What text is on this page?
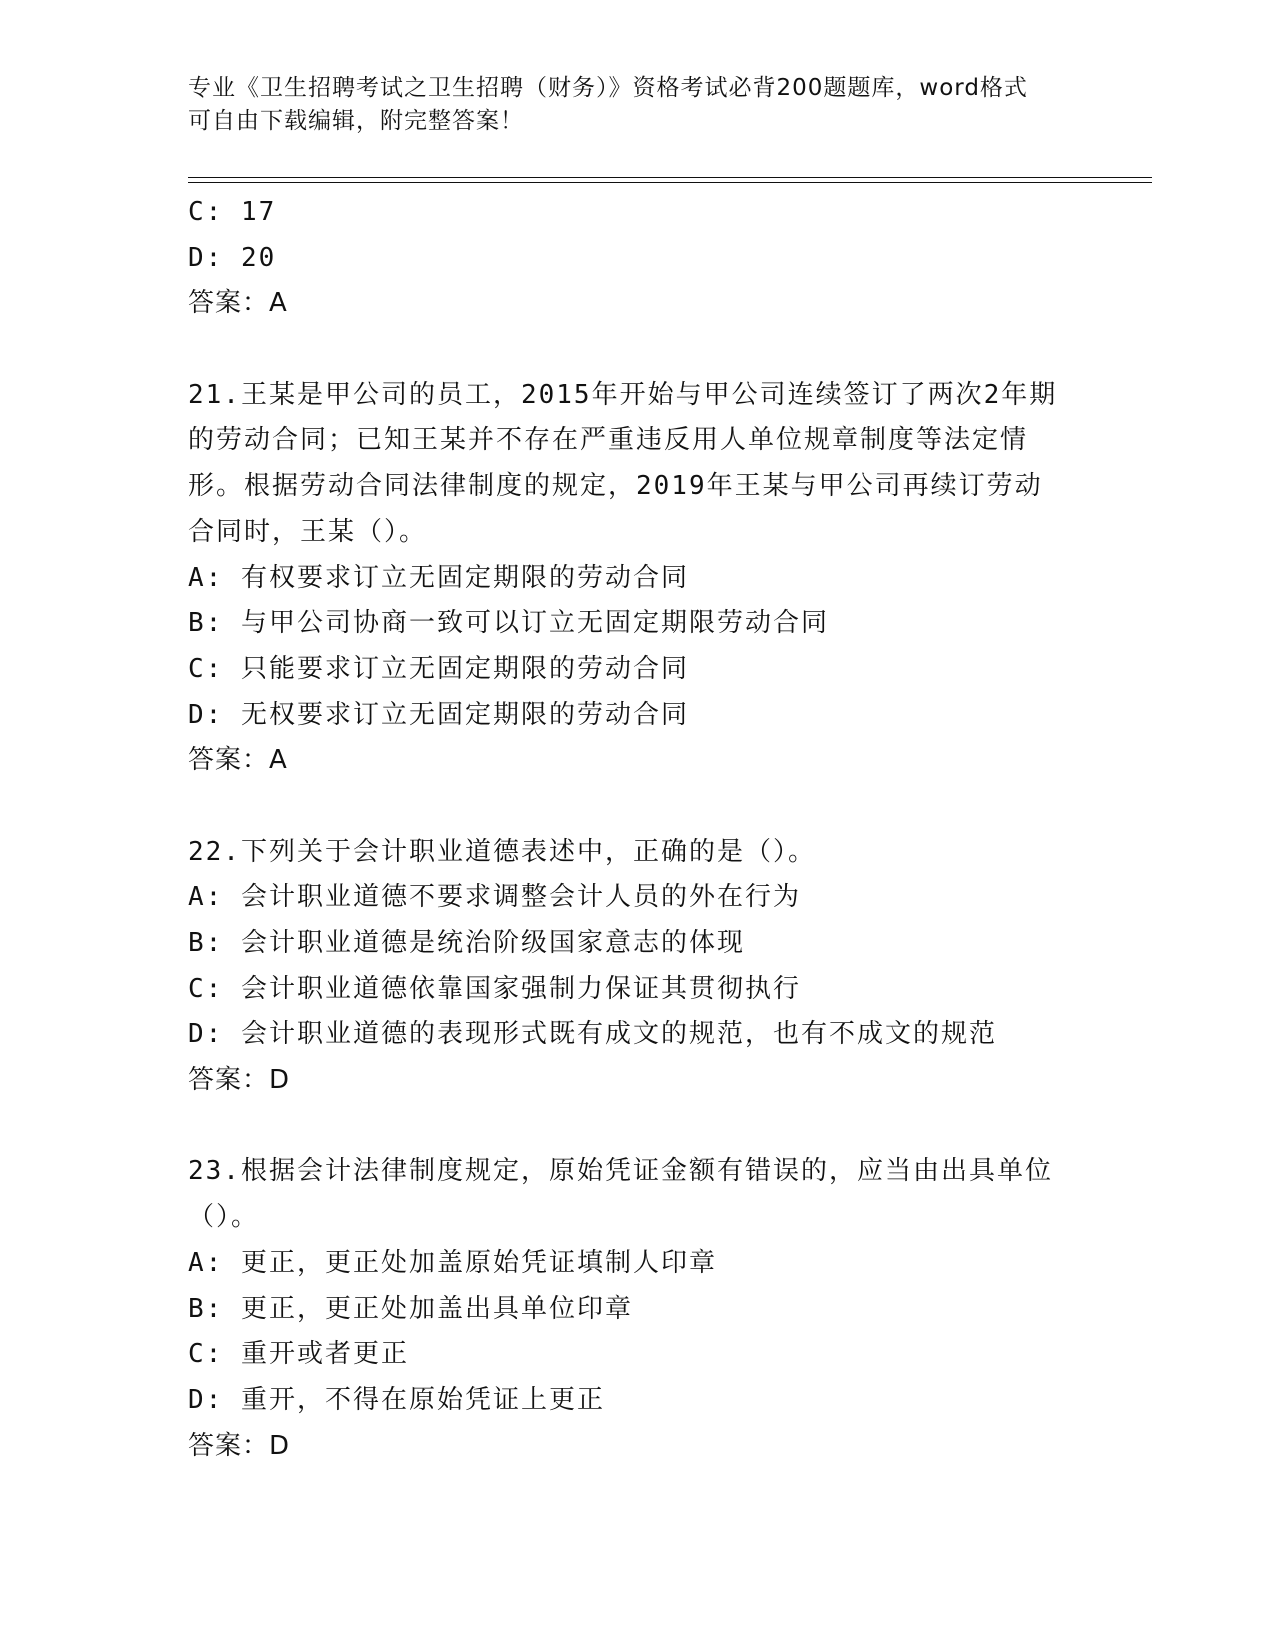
专业《卫生招聘考试之卫生招聘（财务）》资格考试必背200题题库，word格式
可自由下载编辑，附完整答案！
C: 17
D: 20
答案：A
21.王某是甲公司的员工，2015年开始与甲公司连续签订了两次2年期
的劳动合同；已知王某并不存在严重违反用人单位规章制度等法定情
形。根据劳动合同法律制度的规定，2019年王某与甲公司再续订劳动
合同时，王某（）。
A: 有权要求订立无固定期限的劳动合同
B: 与甲公司协商一致可以订立无固定期限劳动合同
C: 只能要求订立无固定期限的劳动合同
D: 无权要求订立无固定期限的劳动合同
答案：A
22.下列关于会计职业道德表述中，正确的是（）。
A: 会计职业道德不要求调整会计人员的外在行为
B: 会计职业道德是统治阶级国家意志的体现
C: 会计职业道德依靠国家强制力保证其贯彻执行
D: 会计职业道德的表现形式既有成文的规范，也有不成文的规范
答案：D
23.根据会计法律制度规定，原始凭证金额有错误的，应当由出具单位
（）。
A: 更正，更正处加盖原始凭证填制人印章
B: 更正，更正处加盖出具单位印章
C: 重开或者更正
D: 重开，不得在原始凭证上更正
答案：D
